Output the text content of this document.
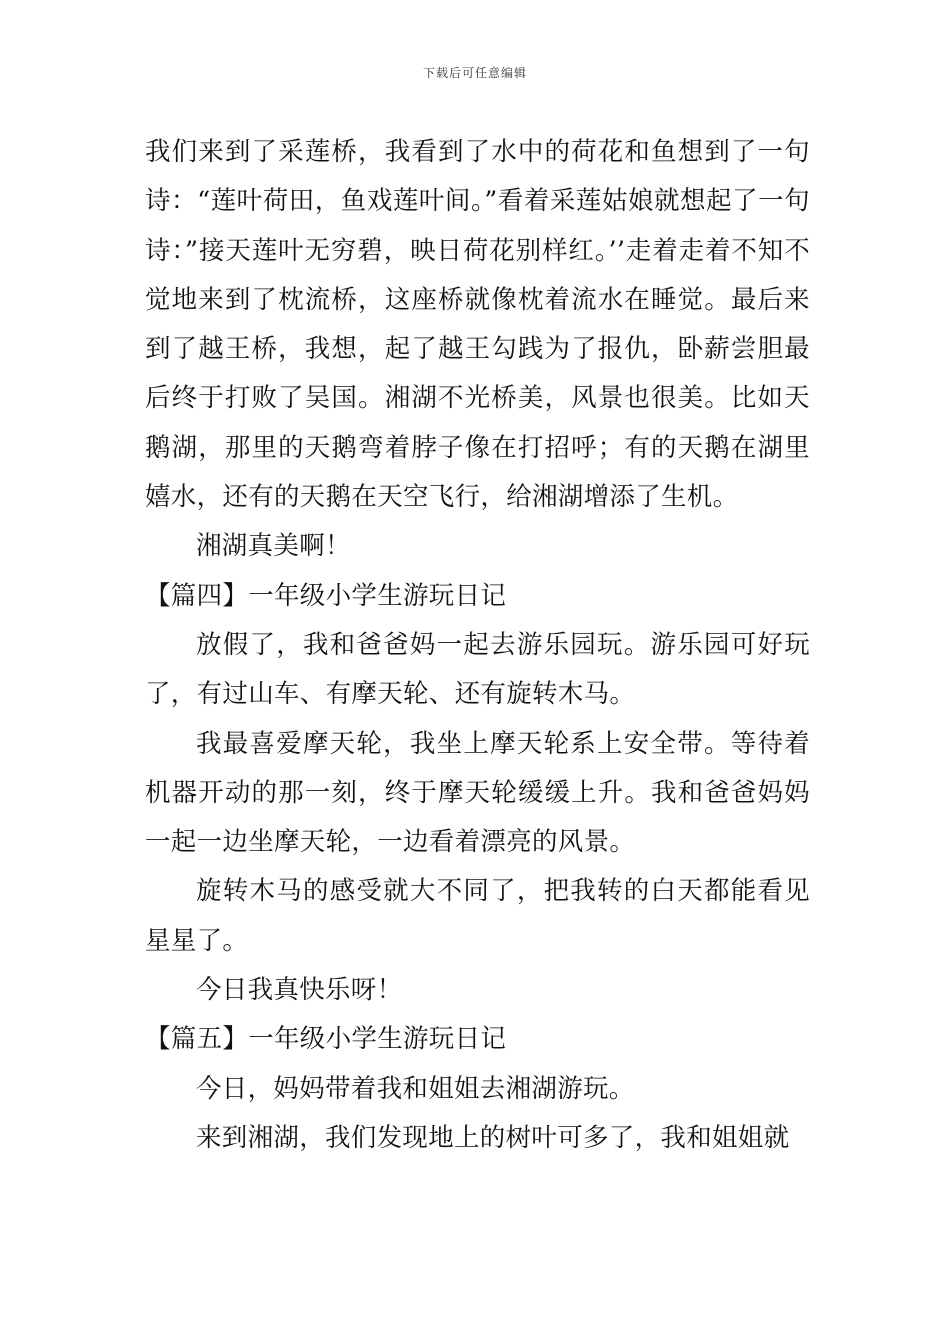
下载后可任意编辑

我们来到了采莲桥，我看到了水中的荷花和鱼想到了一句诗：“莲叶荷田，鱼戏莲叶间。”看着采莲姑娘就想起了一句诗：”接天莲叶无穷碧，映日荷花别样红。’’走着走着不知不觉地来到了枕流桥，这座桥就像枕着流水在睡觉。最后来到了越王桥，我想，起了越王勾践为了报仇，卧薪尝胆最后终于打败了吴国。湘湖不光桥美，风景也很美。比如天鹅湖，那里的天鹅弯着脖子像在打招呼；有的天鹅在湖里嬉水，还有的天鹅在天空飞行，给湘湖增添了生机。

湘湖真美啊！

【篇四】一年级小学生游玩日记

放假了，我和爸爸妈一起去游乐园玩。游乐园可好玩了，有过山车、有摩天轮、还有旋转木马。

我最喜爱摩天轮，我坐上摩天轮系上安全带。等待着机器开动的那一刻，终于摩天轮缓缓上升。我和爸爸妈妈一起一边坐摩天轮，一边看着漂亮的风景。

旋转木马的感受就大不同了，把我转的白天都能看见星星了。

今日我真快乐呀！

【篇五】一年级小学生游玩日记

今日，妈妈带着我和姐姐去湘湖游玩。

来到湘湖，我们发现地上的树叶可多了，我和姐姐就
